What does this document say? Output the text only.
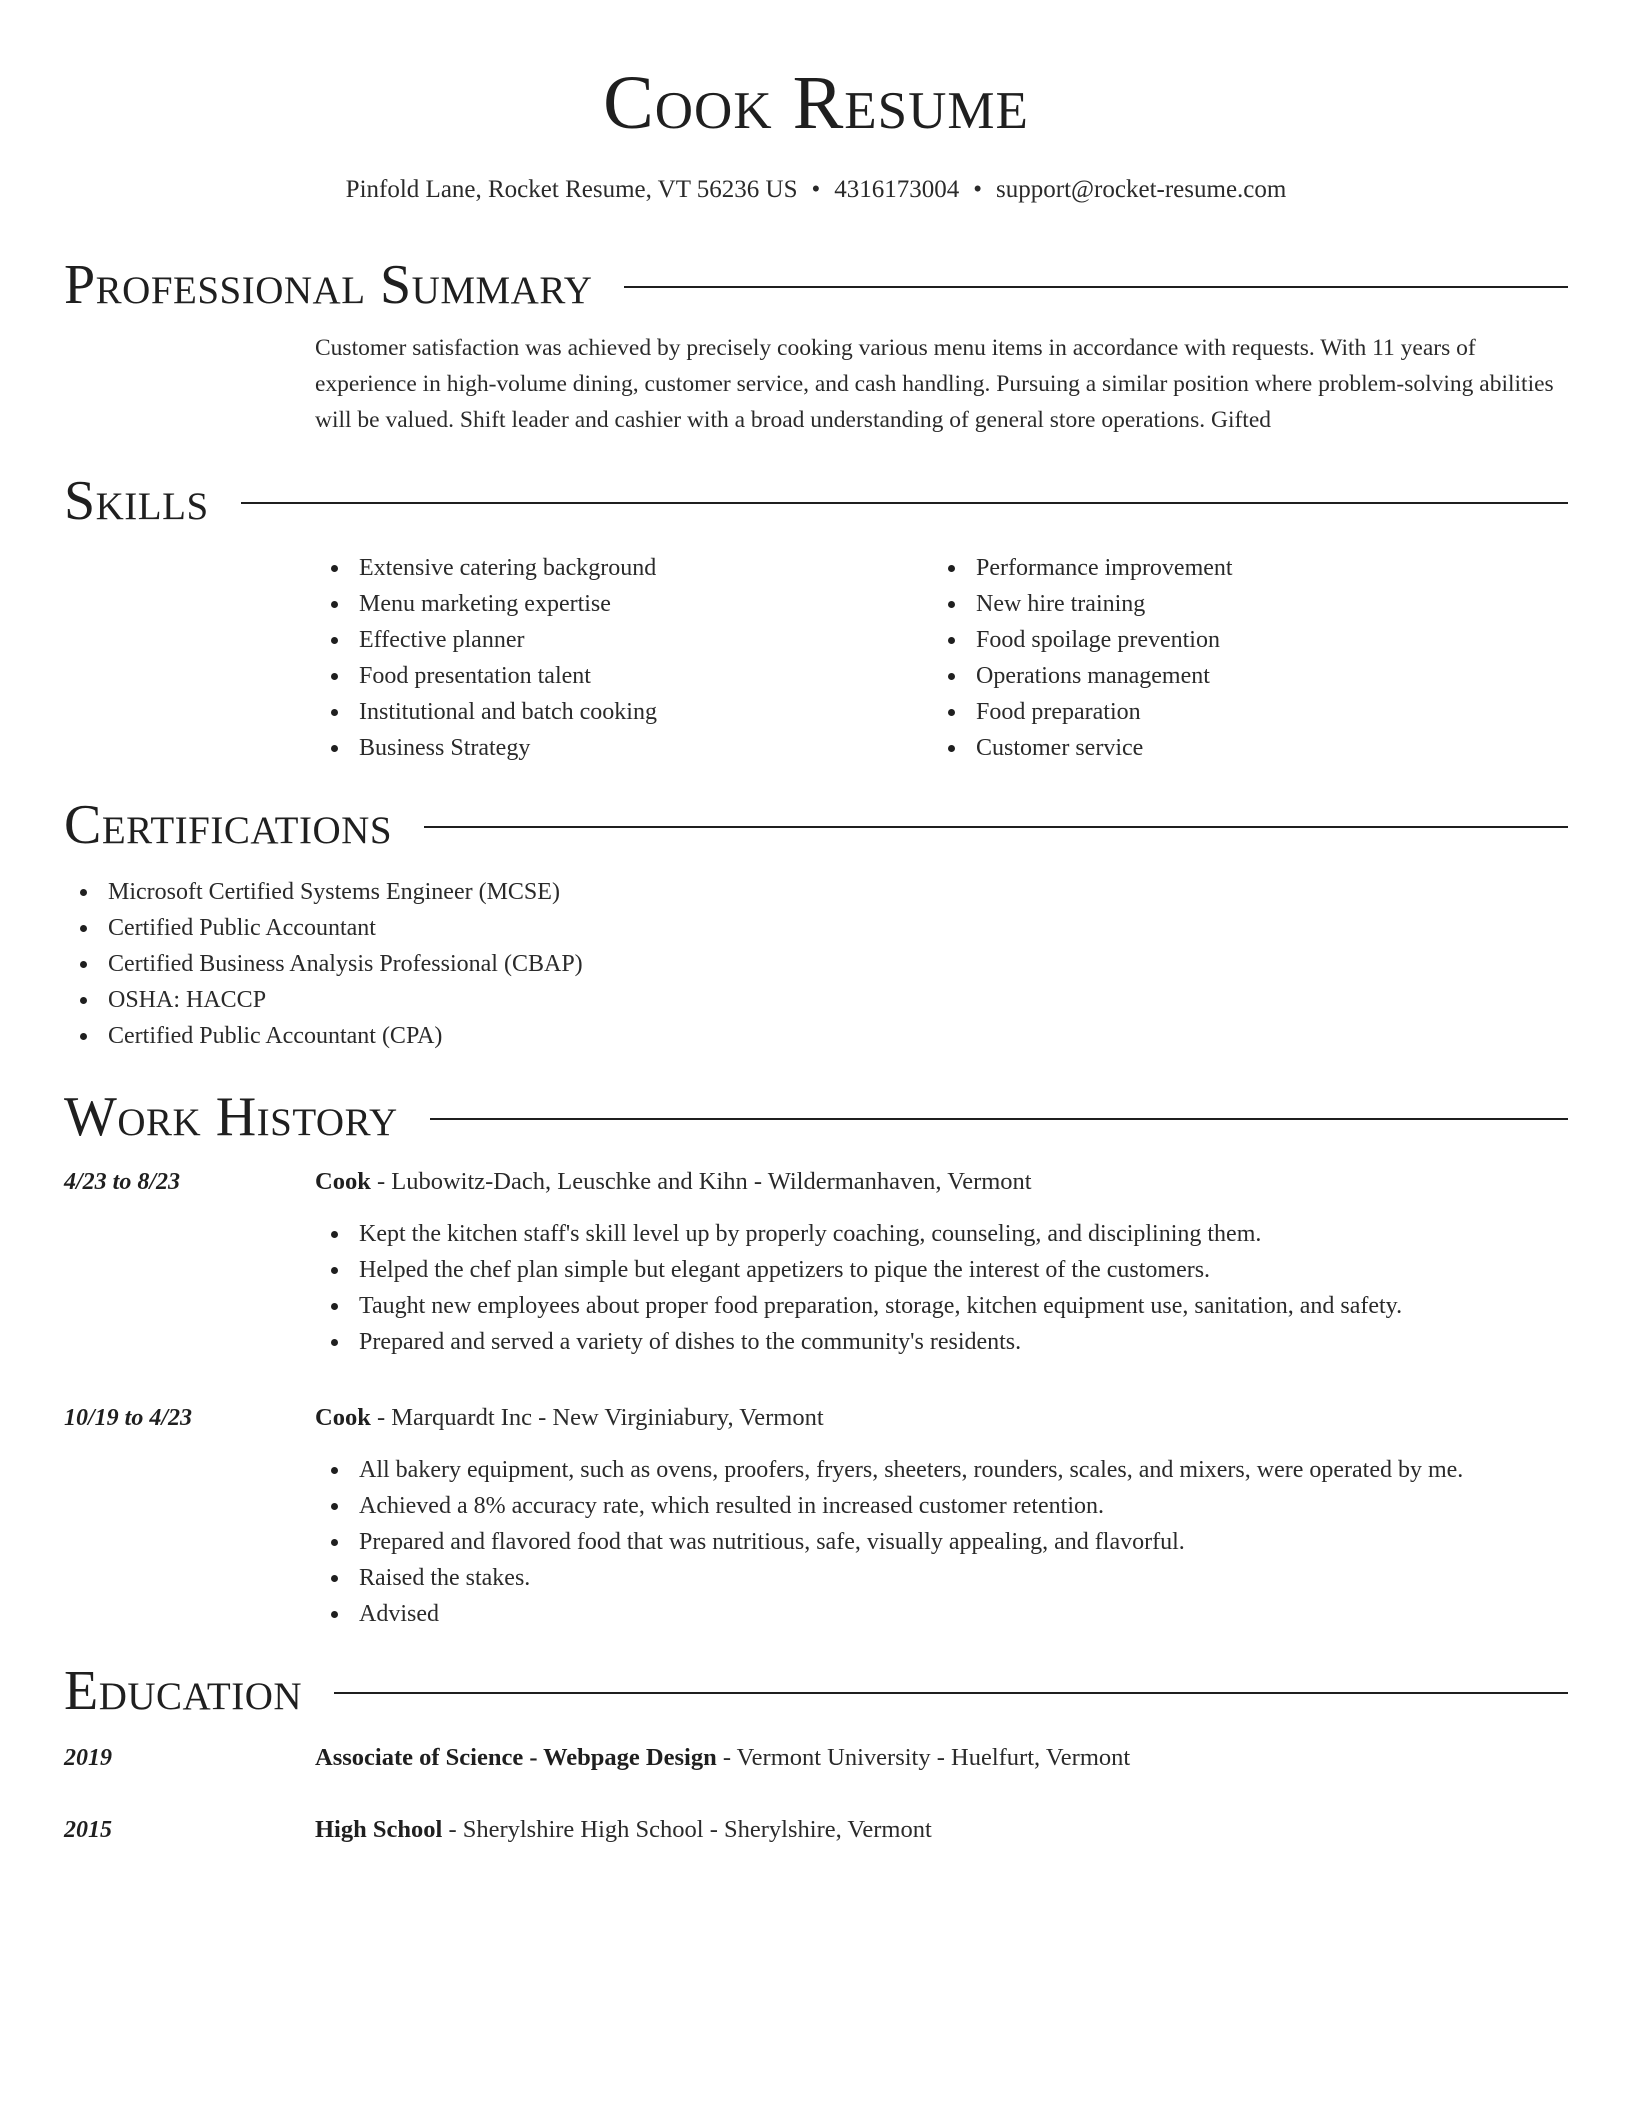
Cook Resume
Pinfold Lane, Rocket Resume, VT 56236 US • 4316173004 • support@rocket-resume.com
Professional Summary
Customer satisfaction was achieved by precisely cooking various menu items in accordance with requests. With 11 years of experience in high-volume dining, customer service, and cash handling. Pursuing a similar position where problem-solving abilities will be valued. Shift leader and cashier with a broad understanding of general store operations. Gifted
Skills
Extensive catering background
Menu marketing expertise
Effective planner
Food presentation talent
Institutional and batch cooking
Business Strategy
Performance improvement
New hire training
Food spoilage prevention
Operations management
Food preparation
Customer service
Certifications
Microsoft Certified Systems Engineer (MCSE)
Certified Public Accountant
Certified Business Analysis Professional (CBAP)
OSHA: HACCP
Certified Public Accountant (CPA)
Work History
4/23 to 8/23	Cook - Lubowitz-Dach, Leuschke and Kihn - Wildermanhaven, Vermont
Kept the kitchen staff's skill level up by properly coaching, counseling, and disciplining them.
Helped the chef plan simple but elegant appetizers to pique the interest of the customers.
Taught new employees about proper food preparation, storage, kitchen equipment use, sanitation, and safety.
Prepared and served a variety of dishes to the community's residents.
10/19 to 4/23	Cook - Marquardt Inc - New Virginiabury, Vermont
All bakery equipment, such as ovens, proofers, fryers, sheeters, rounders, scales, and mixers, were operated by me.
Achieved a 8% accuracy rate, which resulted in increased customer retention.
Prepared and flavored food that was nutritious, safe, visually appealing, and flavorful.
Raised the stakes.
Advised
Education
2019	Associate of Science - Webpage Design - Vermont University - Huelfurt, Vermont
2015	High School - Sherylshire High School - Sherylshire, Vermont
